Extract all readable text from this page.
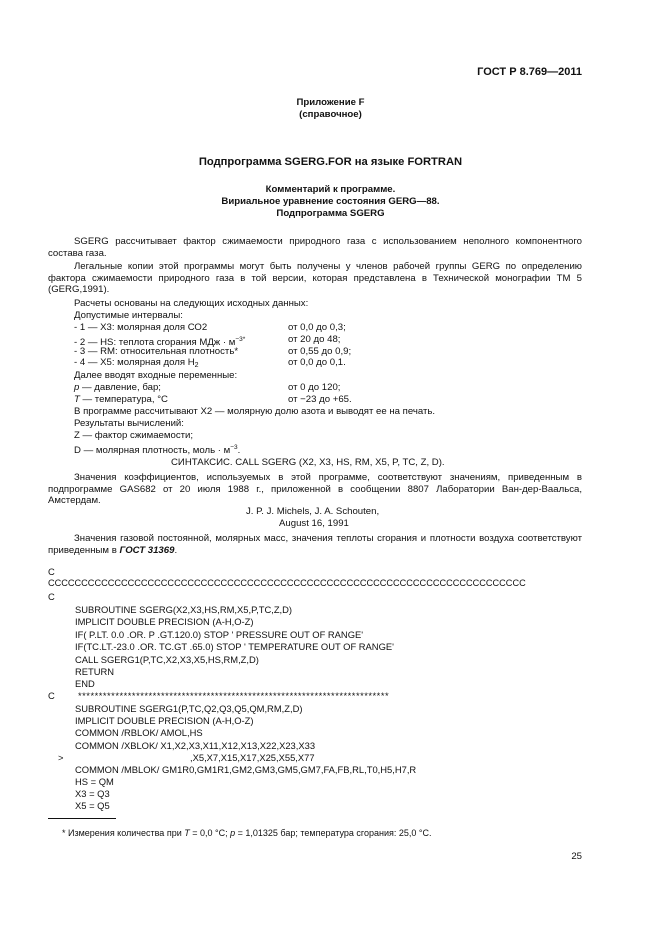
ГОСТ Р 8.769—2011
Приложение F
(справочное)
Подпрограмма SGERG.FOR на языке FORTRAN
Комментарий к программе.
Вириальное уравнение состояния GERG—88.
Подпрограмма SGERG
SGERG рассчитывает фактор сжимаемости природного газа с использованием неполного компонентного состава газа.
Легальные копии этой программы могут быть получены у членов рабочей группы GERG по определению фактора сжимаемости природного газа в той версии, которая представлена в Технической монографии ТМ 5 (GERG,1991).
Расчеты основаны на следующих исходных данных:
Допустимые интервалы:
- 1 — X3: молярная доля СО2	от 0,0 до 0,3;
- 2 — HS: теплота сгорания МДж · $м^{-3*}$	от 20 до 48;
- 3 — RM: относительная плотность*	от 0,55 до 0,9;
- 4 — X5: молярная доля $H_2$	от 0,0 до 0,1.
Далее вводят входные переменные:
p — давление, бар;	от 0 до 120;
T — температура, °С	от −23 до +65.
В программе рассчитывают Х2 — молярную долю азота и выводят ее на печать.
Результаты вычислений:
Z — фактор сжимаемости;
D — молярная плотность, моль · $м^{-3}$.
СИНТАКСИС. CALL SGERG (X2, X3, HS, RM, X5, P, TC, Z, D).
Значения коэффициентов, используемых в этой программе, соответствуют значениям, приведенным в подпрограмме GAS682 от 20 июля 1988 г., приложенной в сообщении 8807 Лаборатории Ван-дер-Ваальса, Амстердам.
J. P. J. Michels, J. A. Schouten,
August 16, 1991
Значения газовой постоянной, молярных масс, значения теплоты сгорания и плотности воздуха соответствуют приведенным в ГОСТ 31369.
C
CCCCCCCCCCCCCCCCCCCCCCCCCCCCCCCCCCCCCCCCCCCCCCCCCCCCCCCCCCCCCCCCCCCCCCCC
C
SUBROUTINE SGERG(X2,X3,HS,RM,X5,P,TC,Z,D)
IMPLICIT DOUBLE PRECISION (A-H,O-Z)
IF( P.LT. 0.0 .OR. P .GT.120.0) STOP ' PRESSURE OUT OF RANGE'
IF(TC.LT.-23.0 .OR. TC.GT .65.0) STOP ' TEMPERATURE OUT OF RANGE'
CALL SGERG1(P,TC,X2,X3,X5,HS,RM,Z,D)
RETURN
END
C ***************************************************************************
SUBROUTINE SGERG1(P,TC,Q2,Q3,Q5,QM,RM,Z,D)
IMPLICIT DOUBLE PRECISION (A-H,O-Z)
COMMON /RBLOK/ AMOL,HS
COMMON /XBLOK/ X1,X2,X3,X11,X12,X13,X22,X23,X33
>	,X5,X7,X15,X17,X25,X55,X77
COMMON /MBLOK/ GM1R0,GM1R1,GM2,GM3,GM5,GM7,FA,FB,RL,T0,H5,H7,R
HS = QM
X3 = Q3
X5 = Q5
* Измерения количества при T = 0,0 °С; p = 1,01325 бар; температура сгорания: 25,0 °С.
25
